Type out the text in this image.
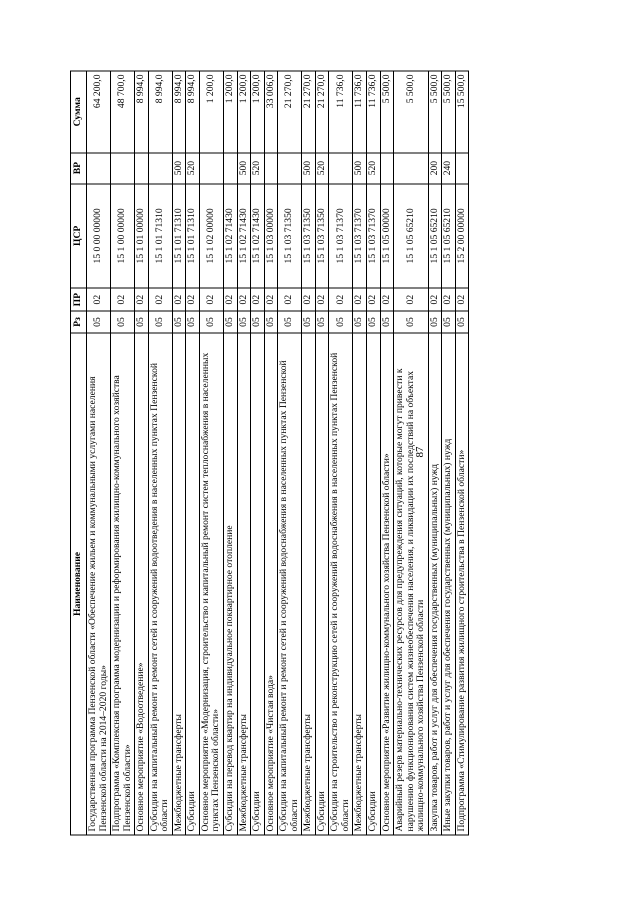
87
Наименование	Рз	ПР	ЦСР	ВР	Сумма
Государственная программа Пензенской области «Обеспечение жильем и коммунальными услугами населения Пензенской области на 2014–2020 годы»	05	02	15 0 00 00000		64 200,0
Подпрограмма «Комплексная программа модернизации и реформирования жилищно-коммунального хозяйства Пензенской области»	05	02	15 1 00 00000		48 700,0
Основное мероприятие «Водоотведение»	05	02	15 1 01 00000		8 994,0
Субсидии на капитальный ремонт и ремонт сетей и сооружений водоотведения в населенных пунктах Пензенской области	05	02	15 1 01 71310		8 994,0
Межбюджетные трансферты	05	02	15 1 01 71310	500	8 994,0
Субсидии	05	02	15 1 01 71310	520	8 994,0
Основное мероприятие «Модернизация, строительство и капитальный ремонт систем теплоснабжения в населенных пунктах Пензенской области»	05	02	15 1 02 00000		1 200,0
Субсидии на перевод квартир на индивидуальное поквартирное отопление	05	02	15 1 02 71430		1 200,0
Межбюджетные трансферты	05	02	15 1 02 71430	500	1 200,0
Субсидии	05	02	15 1 02 71430	520	1 200,0
Основное мероприятие «Чистая вода»	05	02	15 1 03 00000		33 006,0
Субсидии на капитальный ремонт и ремонт сетей и сооружений водоснабжения в населенных пунктах Пензенской области	05	02	15 1 03 71350		21 270,0
Межбюджетные трансферты	05	02	15 1 03 71350	500	21 270,0
Субсидии	05	02	15 1 03 71350	520	21 270,0
Субсидии на строительство и реконструкцию сетей и сооружений водоснабжения в населенных пунктах Пензенской области	05	02	15 1 03 71370		11 736,0
Межбюджетные трансферты	05	02	15 1 03 71370	500	11 736,0
Субсидии	05	02	15 1 03 71370	520	11 736,0
Основное мероприятие «Развитие жилищно-коммунального хозяйства Пензенской области»	05	02	15 1 05 00000		5 500,0
Аварийный резерв материально-технических ресурсов для предупреждения ситуаций, которые могут привести к нарушению функционирования систем жизнеобеспечения населения, и ликвидации их последствий на объектах жилищно-коммунального хозяйства Пензенской области	05	02	15 1 05 65210		5 500,0
Закупка товаров, работ и услуг для обеспечения государственных (муниципальных) нужд	05	02	15 1 05 65210	200	5 500,0
Иные закупки товаров, работ и услуг для обеспечения государственных (муниципальных) нужд	05	02	15 1 05 65210	240	5 500,0
Подпрограмма «Стимулирование развития жилищного строительства в Пензенской области»	05	02	15 2 00 00000		15 500,0
